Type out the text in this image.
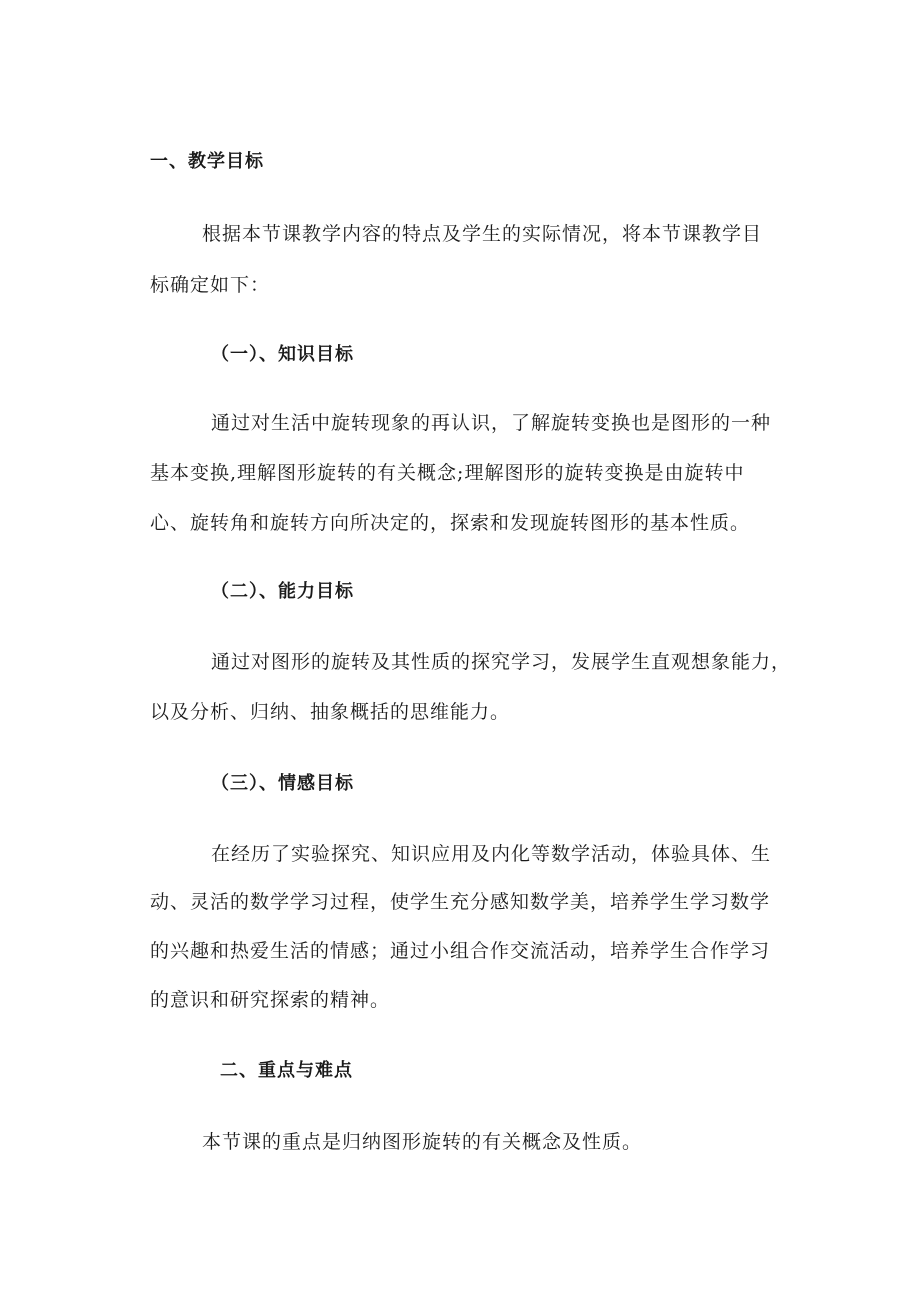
一、教学目标
根据本节课教学内容的特点及学生的实际情况，将本节课教学目
标确定如下：
（一）、知识目标
通过对生活中旋转现象的再认识，了解旋转变换也是图形的一种
基本变换,理解图形旋转的有关概念;理解图形的旋转变换是由旋转中
心、旋转角和旋转方向所决定的，探索和发现旋转图形的基本性质。
（二）、能力目标
通过对图形的旋转及其性质的探究学习，发展学生直观想象能力，
以及分析、归纳、抽象概括的思维能力。
（三）、情感目标
在经历了实验探究、知识应用及内化等数学活动，体验具体、生
动、灵活的数学学习过程，使学生充分感知数学美，培养学生学习数学
的兴趣和热爱生活的情感；通过小组合作交流活动，培养学生合作学习
的意识和研究探索的精神。
二、重点与难点
本节课的重点是归纳图形旋转的有关概念及性质。
